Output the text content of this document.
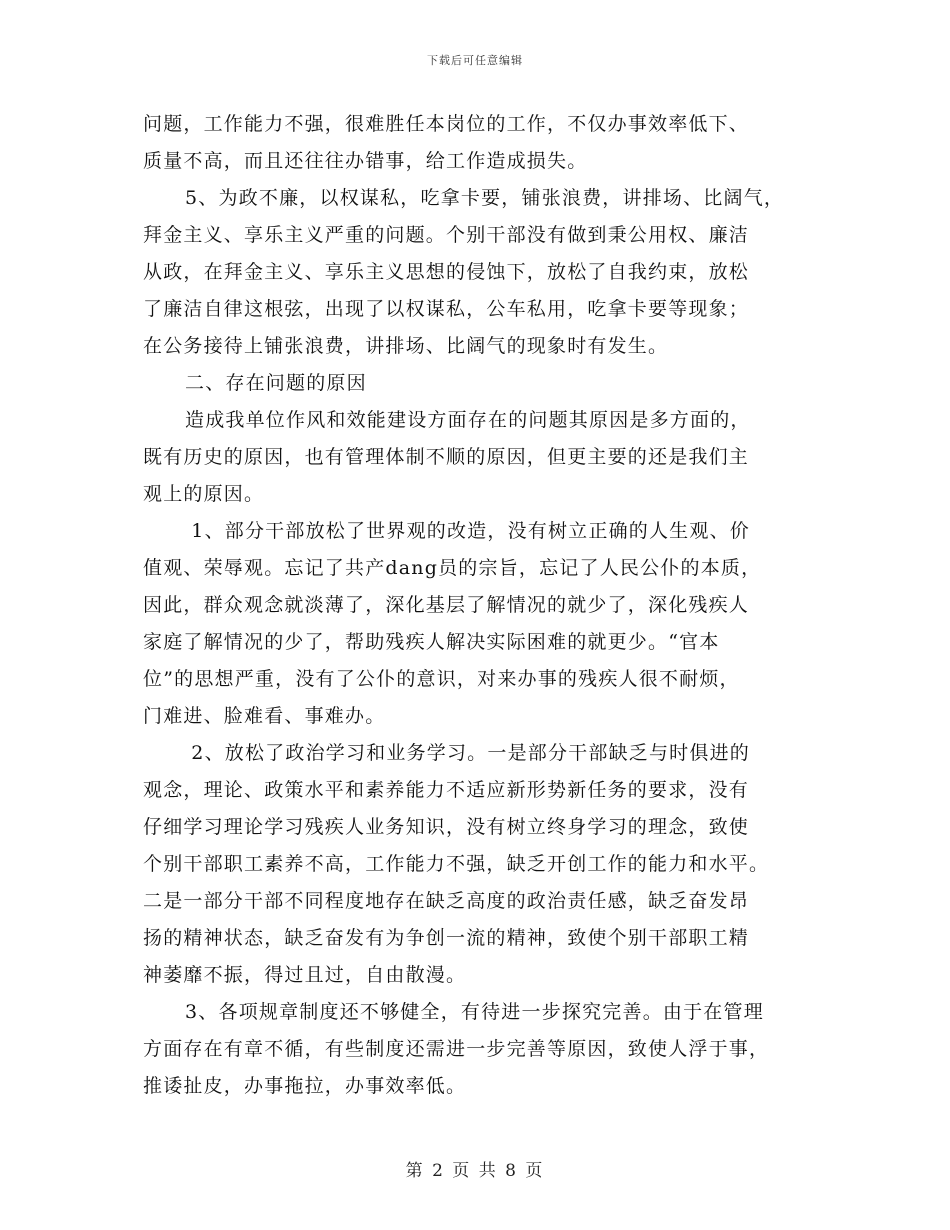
下载后可任意编辑
问题，工作能力不强，很难胜任本岗位的工作，不仅办事效率低下、
质量不高，而且还往往办错事，给工作造成损失。
5、为政不廉，以权谋私，吃拿卡要，铺张浪费，讲排场、比阔气，
拜金主义、享乐主义严重的问题。个别干部没有做到秉公用权、廉洁
从政，在拜金主义、享乐主义思想的侵蚀下，放松了自我约束，放松
了廉洁自律这根弦，出现了以权谋私，公车私用，吃拿卡要等现象；
在公务接待上铺张浪费，讲排场、比阔气的现象时有发生。
二、存在问题的原因
造成我单位作风和效能建设方面存在的问题其原因是多方面的，
既有历史的原因，也有管理体制不顺的原因，但更主要的还是我们主
观上的原因。
1、部分干部放松了世界观的改造，没有树立正确的人生观、价
值观、荣辱观。忘记了共产dang员的宗旨，忘记了人民公仆的本质，
因此，群众观念就淡薄了，深化基层了解情况的就少了，深化残疾人
家庭了解情况的少了，帮助残疾人解决实际困难的就更少。“官本
位”的思想严重，没有了公仆的意识，对来办事的残疾人很不耐烦，
门难进、脸难看、事难办。
2、放松了政治学习和业务学习。一是部分干部缺乏与时俱进的
观念，理论、政策水平和素养能力不适应新形势新任务的要求，没有
仔细学习理论学习残疾人业务知识，没有树立终身学习的理念，致使
个别干部职工素养不高，工作能力不强，缺乏开创工作的能力和水平。
二是一部分干部不同程度地存在缺乏高度的政治责任感，缺乏奋发昂
扬的精神状态，缺乏奋发有为争创一流的精神，致使个别干部职工精
神萎靡不振，得过且过，自由散漫。
3、各项规章制度还不够健全，有待进一步探究完善。由于在管理
方面存在有章不循，有些制度还需进一步完善等原因，致使人浮于事，
推诿扯皮，办事拖拉，办事效率低。
第 2 页 共 8 页
